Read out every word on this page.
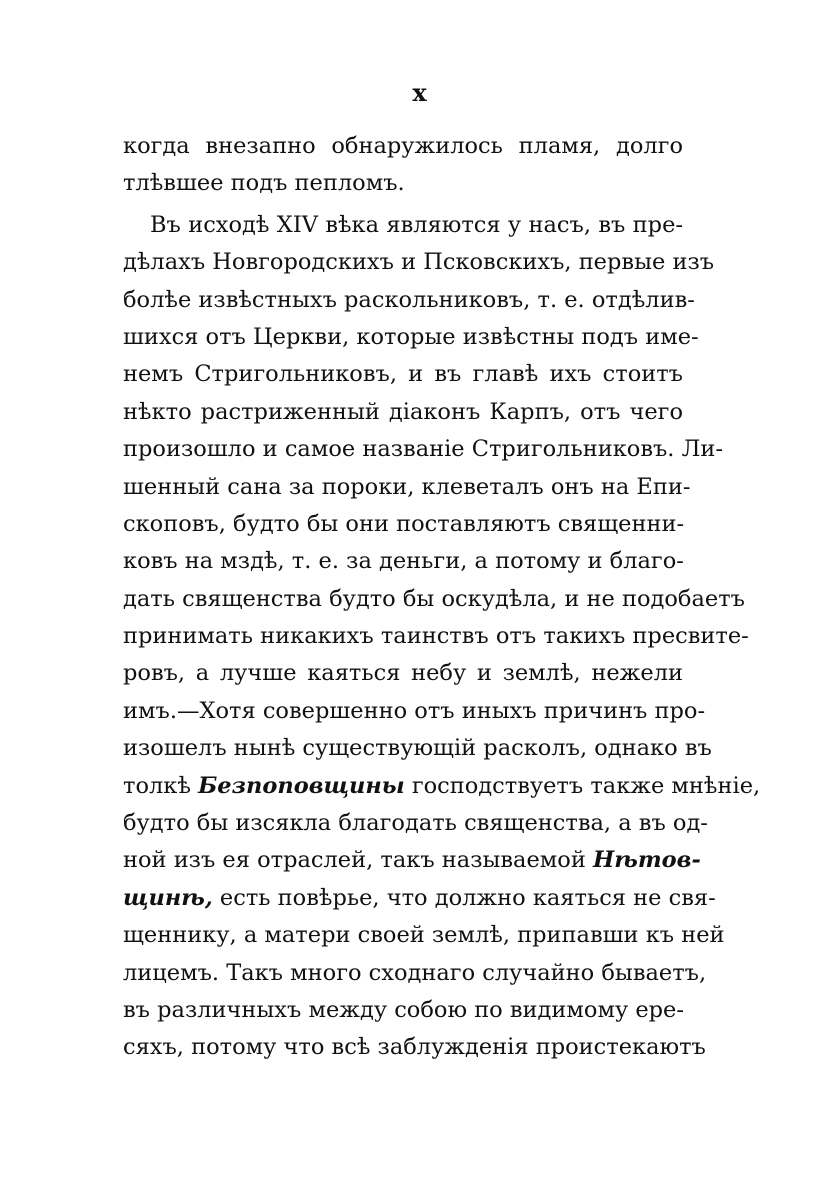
x
когда внезапно обнаружилось пламя, долго
тлѣвшее подъ пепломъ.
Въ исходѣ XIV вѣка являются у насъ, въ пре-
дѣлахъ Новгородскихъ и Псковскихъ, первые изъ
болѣе извѣстныхъ раскольниковъ, т. е. отдѣлив-
шихся отъ Церкви, которые извѣстны подъ име-
немъ Стригольниковъ, и въ главѣ ихъ стоитъ
нѣкто растриженный діаконъ Карпъ, отъ чего
произошло и самое названіе Стригольниковъ. Ли-
шенный сана за пороки, клеветалъ онъ на Епи-
скоповъ, будто бы они поставляютъ священни-
ковъ на мздѣ, т. е. за деньги, а потому и благо-
дать священства будто бы оскудѣла, и не подобаетъ
принимать никакихъ таинствъ отъ такихъ пресвите-
ровъ, а лучше каяться небу и землѣ, нежели
имъ.—Хотя совершенно отъ иныхъ причинъ про-
изошелъ нынѣ существующій расколъ, однако въ
толкѣ Безпоповщины господствуетъ также мнѣніе,
будто бы изсякла благодать священства, а въ од-
ной изъ ея отраслей, такъ называемой Нѣтов-
щинѣ, есть повѣрье, что должно каяться не свя-
щеннику, а матери своей землѣ, припавши къ ней
лицемъ. Такъ много сходнаго случайно бываетъ,
въ различныхъ между собою по видимому ере-
сяхъ, потому что всѣ заблужденія проистекаютъ
